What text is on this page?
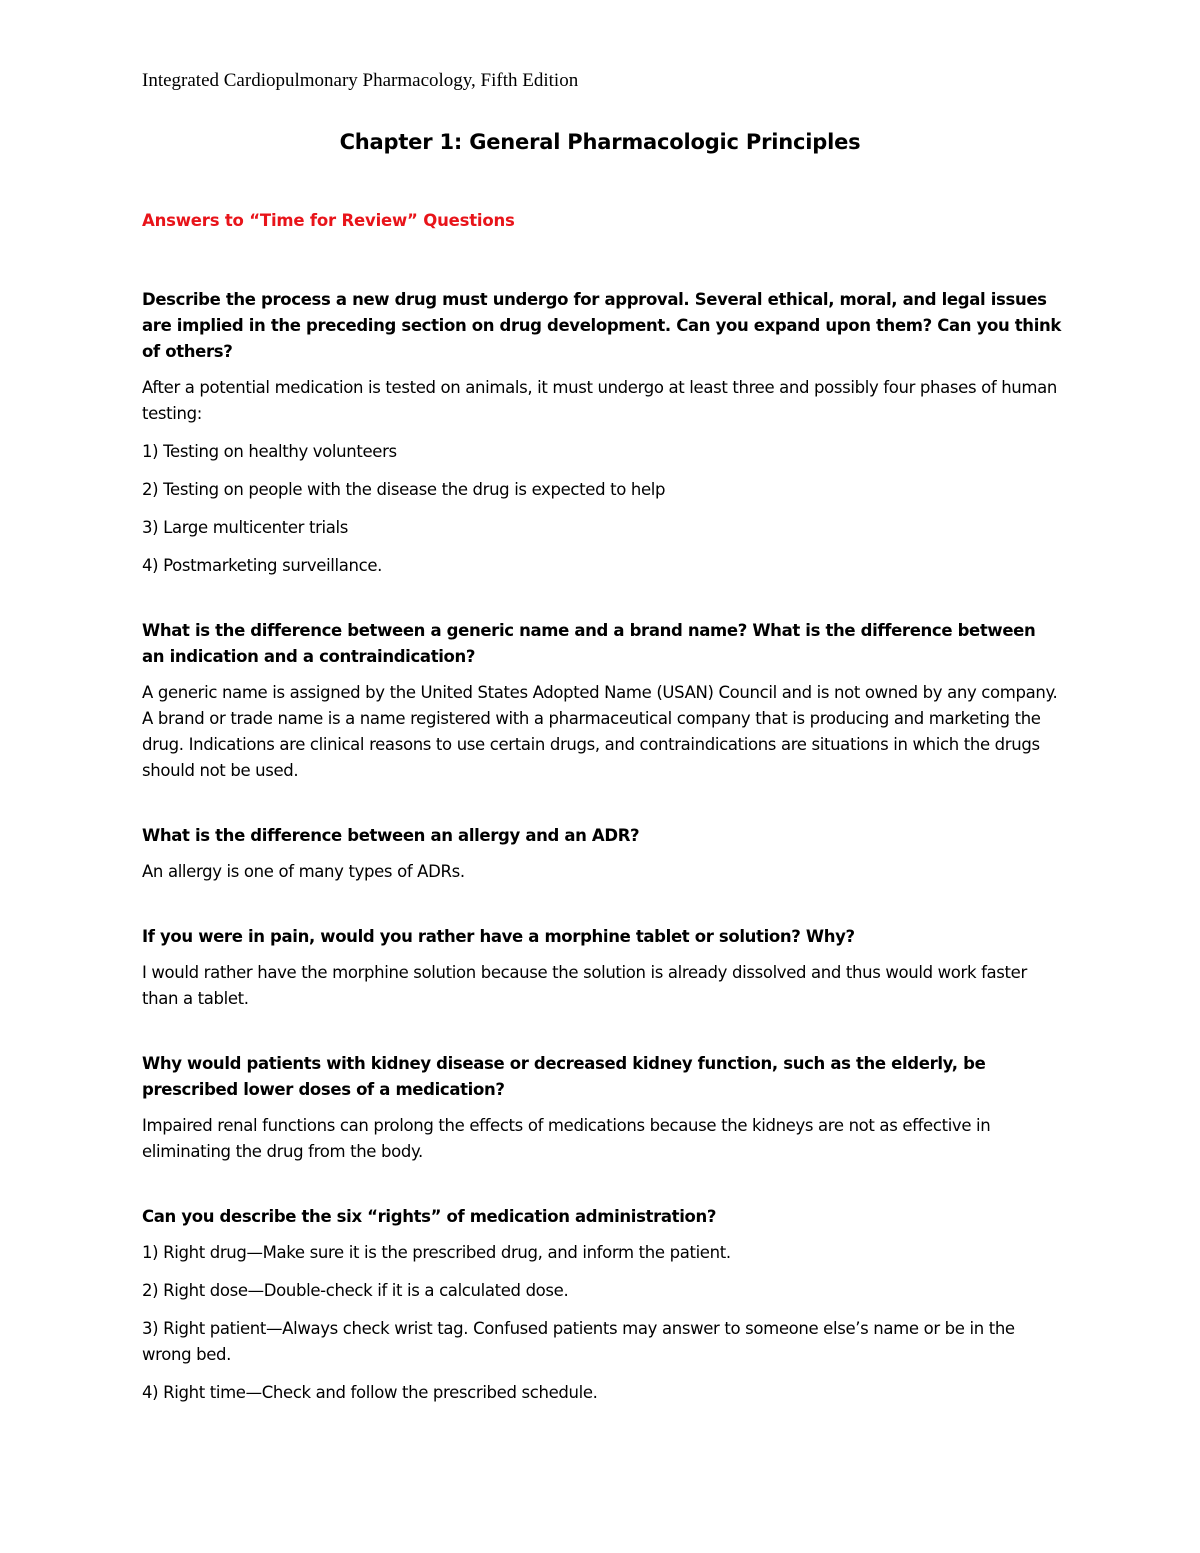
Integrated Cardiopulmonary Pharmacology, Fifth Edition
Chapter 1: General Pharmacologic Principles
Answers to “Time for Review” Questions
Describe the process a new drug must undergo for approval. Several ethical, moral, and legal issues are implied in the preceding section on drug development. Can you expand upon them? Can you think of others?
After a potential medication is tested on animals, it must undergo at least three and possibly four phases of human testing:
1) Testing on healthy volunteers
2) Testing on people with the disease the drug is expected to help
3) Large multicenter trials
4) Postmarketing surveillance.
What is the difference between a generic name and a brand name? What is the difference between an indication and a contraindication?
A generic name is assigned by the United States Adopted Name (USAN) Council and is not owned by any company. A brand or trade name is a name registered with a pharmaceutical company that is producing and marketing the drug. Indications are clinical reasons to use certain drugs, and contraindications are situations in which the drugs should not be used.
What is the difference between an allergy and an ADR?
An allergy is one of many types of ADRs.
If you were in pain, would you rather have a morphine tablet or solution? Why?
I would rather have the morphine solution because the solution is already dissolved and thus would work faster than a tablet.
Why would patients with kidney disease or decreased kidney function, such as the elderly, be prescribed lower doses of a medication?
Impaired renal functions can prolong the effects of medications because the kidneys are not as effective in eliminating the drug from the body.
Can you describe the six “rights” of medication administration?
1) Right drug—Make sure it is the prescribed drug, and inform the patient.
2) Right dose—Double-check if it is a calculated dose.
3) Right patient—Always check wrist tag. Confused patients may answer to someone else’s name or be in the wrong bed.
4) Right time—Check and follow the prescribed schedule.
